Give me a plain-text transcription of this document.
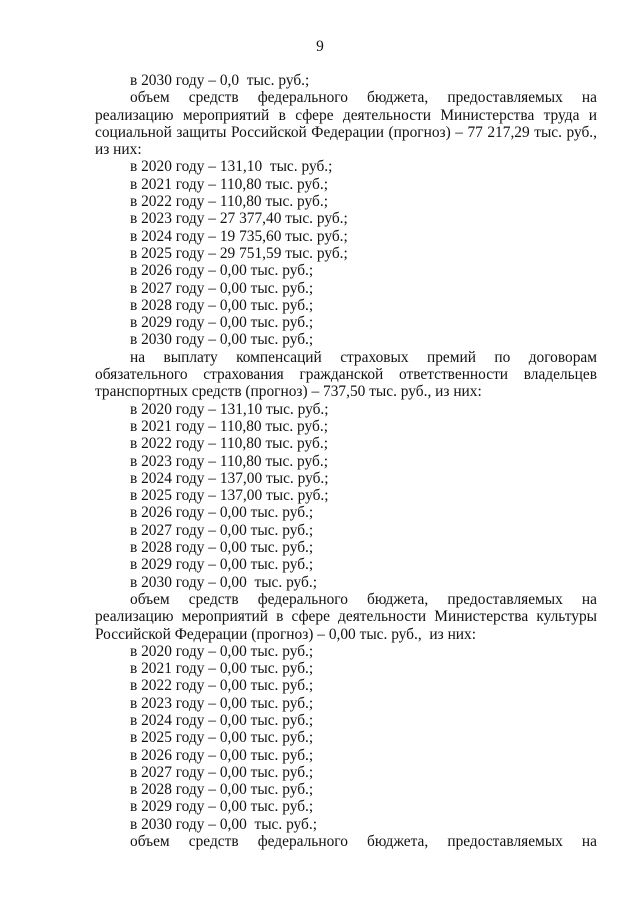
9
в 2030 году – 0,0  тыс. руб.;
объем средств федерального бюджета, предоставляемых на
реализацию мероприятий в сфере деятельности Министерства труда и
социальной защиты Российской Федерации (прогноз) – 77 217,29 тыс. руб.,
из них:
в 2020 году – 131,10  тыс. руб.;
в 2021 году – 110,80 тыс. руб.;
в 2022 году – 110,80 тыс. руб.;
в 2023 году – 27 377,40 тыс. руб.;
в 2024 году – 19 735,60 тыс. руб.;
в 2025 году – 29 751,59 тыс. руб.;
в 2026 году – 0,00 тыс. руб.;
в 2027 году – 0,00 тыс. руб.;
в 2028 году – 0,00 тыс. руб.;
в 2029 году – 0,00 тыс. руб.;
в 2030 году – 0,00 тыс. руб.;
на выплату компенсаций страховых премий по договорам
обязательного страхования гражданской ответственности владельцев
транспортных средств (прогноз) – 737,50 тыс. руб., из них:
в 2020 году – 131,10 тыс. руб.;
в 2021 году – 110,80 тыс. руб.;
в 2022 году – 110,80 тыс. руб.;
в 2023 году – 110,80 тыс. руб.;
в 2024 году – 137,00 тыс. руб.;
в 2025 году – 137,00 тыс. руб.;
в 2026 году – 0,00 тыс. руб.;
в 2027 году – 0,00 тыс. руб.;
в 2028 году – 0,00 тыс. руб.;
в 2029 году – 0,00 тыс. руб.;
в 2030 году – 0,00  тыс. руб.;
объем средств федерального бюджета, предоставляемых на
реализацию мероприятий в сфере деятельности Министерства культуры
Российской Федерации (прогноз) – 0,00 тыс. руб.,  из них:
в 2020 году – 0,00 тыс. руб.;
в 2021 году – 0,00 тыс. руб.;
в 2022 году – 0,00 тыс. руб.;
в 2023 году – 0,00 тыс. руб.;
в 2024 году – 0,00 тыс. руб.;
в 2025 году – 0,00 тыс. руб.;
в 2026 году – 0,00 тыс. руб.;
в 2027 году – 0,00 тыс. руб.;
в 2028 году – 0,00 тыс. руб.;
в 2029 году – 0,00 тыс. руб.;
в 2030 году – 0,00  тыс. руб.;
объем средств федерального бюджета, предоставляемых на
